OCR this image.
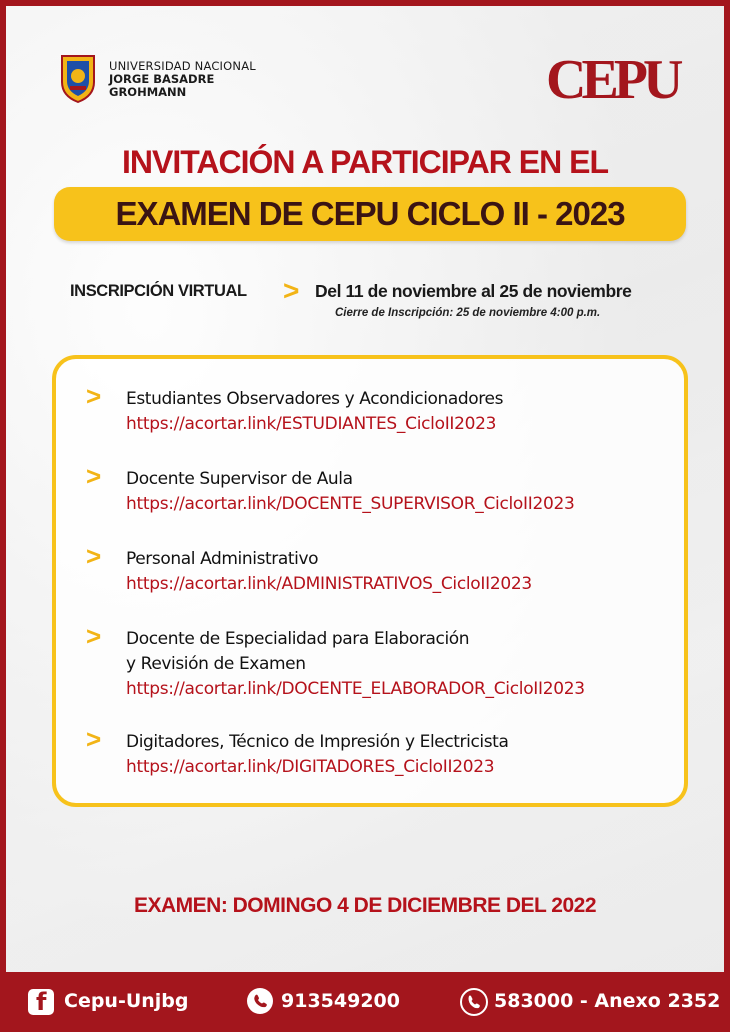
UNIVERSIDAD NACIONAL
JORGE BASADRE
GROHMANN	CEPU
INVITACIÓN A PARTICIPAR EN EL
EXAMEN DE CEPU CICLO II - 2023
INSCRIPCIÓN VIRTUAL > Del 11 de noviembre al 25 de noviembre
Cierre de Inscripción: 25 de noviembre 4:00 p.m.
> Estudiantes Observadores y Acondicionadores
https://acortar.link/ESTUDIANTES_CicloII2023
> Docente Supervisor de Aula
https://acortar.link/DOCENTE_SUPERVISOR_CicloII2023
> Personal Administrativo
https://acortar.link/ADMINISTRATIVOS_CicloII2023
> Docente de Especialidad para Elaboración
y Revisión de Examen
https://acortar.link/DOCENTE_ELABORADOR_CicloII2023
> Digitadores, Técnico de Impresión y Electricista
https://acortar.link/DIGITADORES_CicloII2023
EXAMEN: DOMINGO 4 DE DICIEMBRE DEL 2022
f Cepu-Unjbg	913549200	583000 - Anexo 2352
